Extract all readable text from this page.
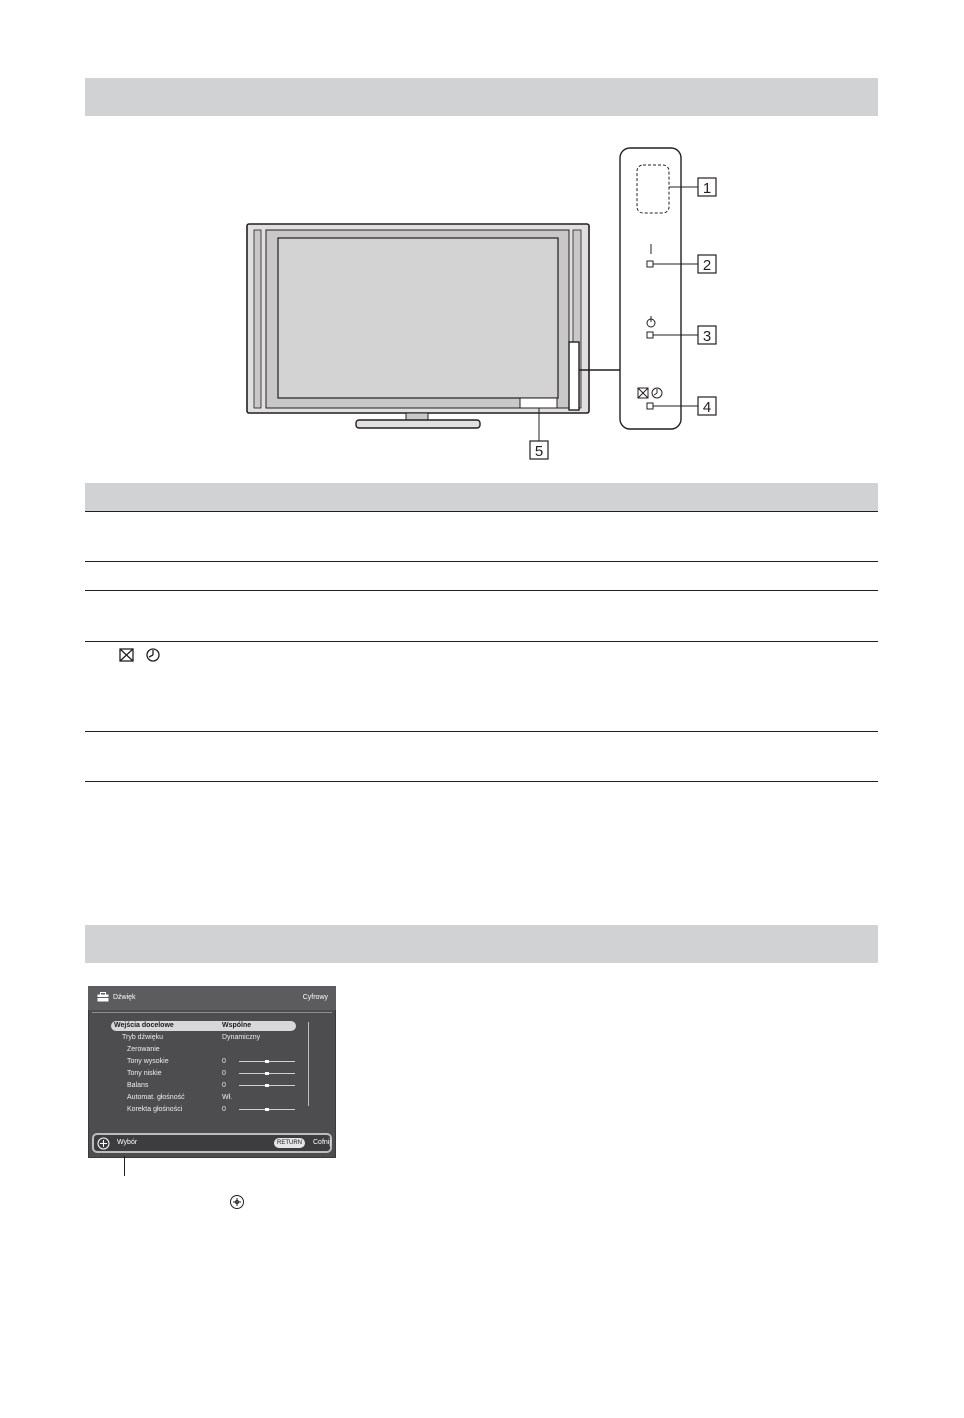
1
2
3
4
5
Dźwięk	Cyfrowy
Wejścia docelowe	Wspólne
Tryb dźwięku	Dynamiczny
Zerowanie
Tony wysokie	0
Tony niskie	0
Balans	0
Automat. głośność	Wł.
Korekta głośności	0
Wybór	RETURN	Cofnij
